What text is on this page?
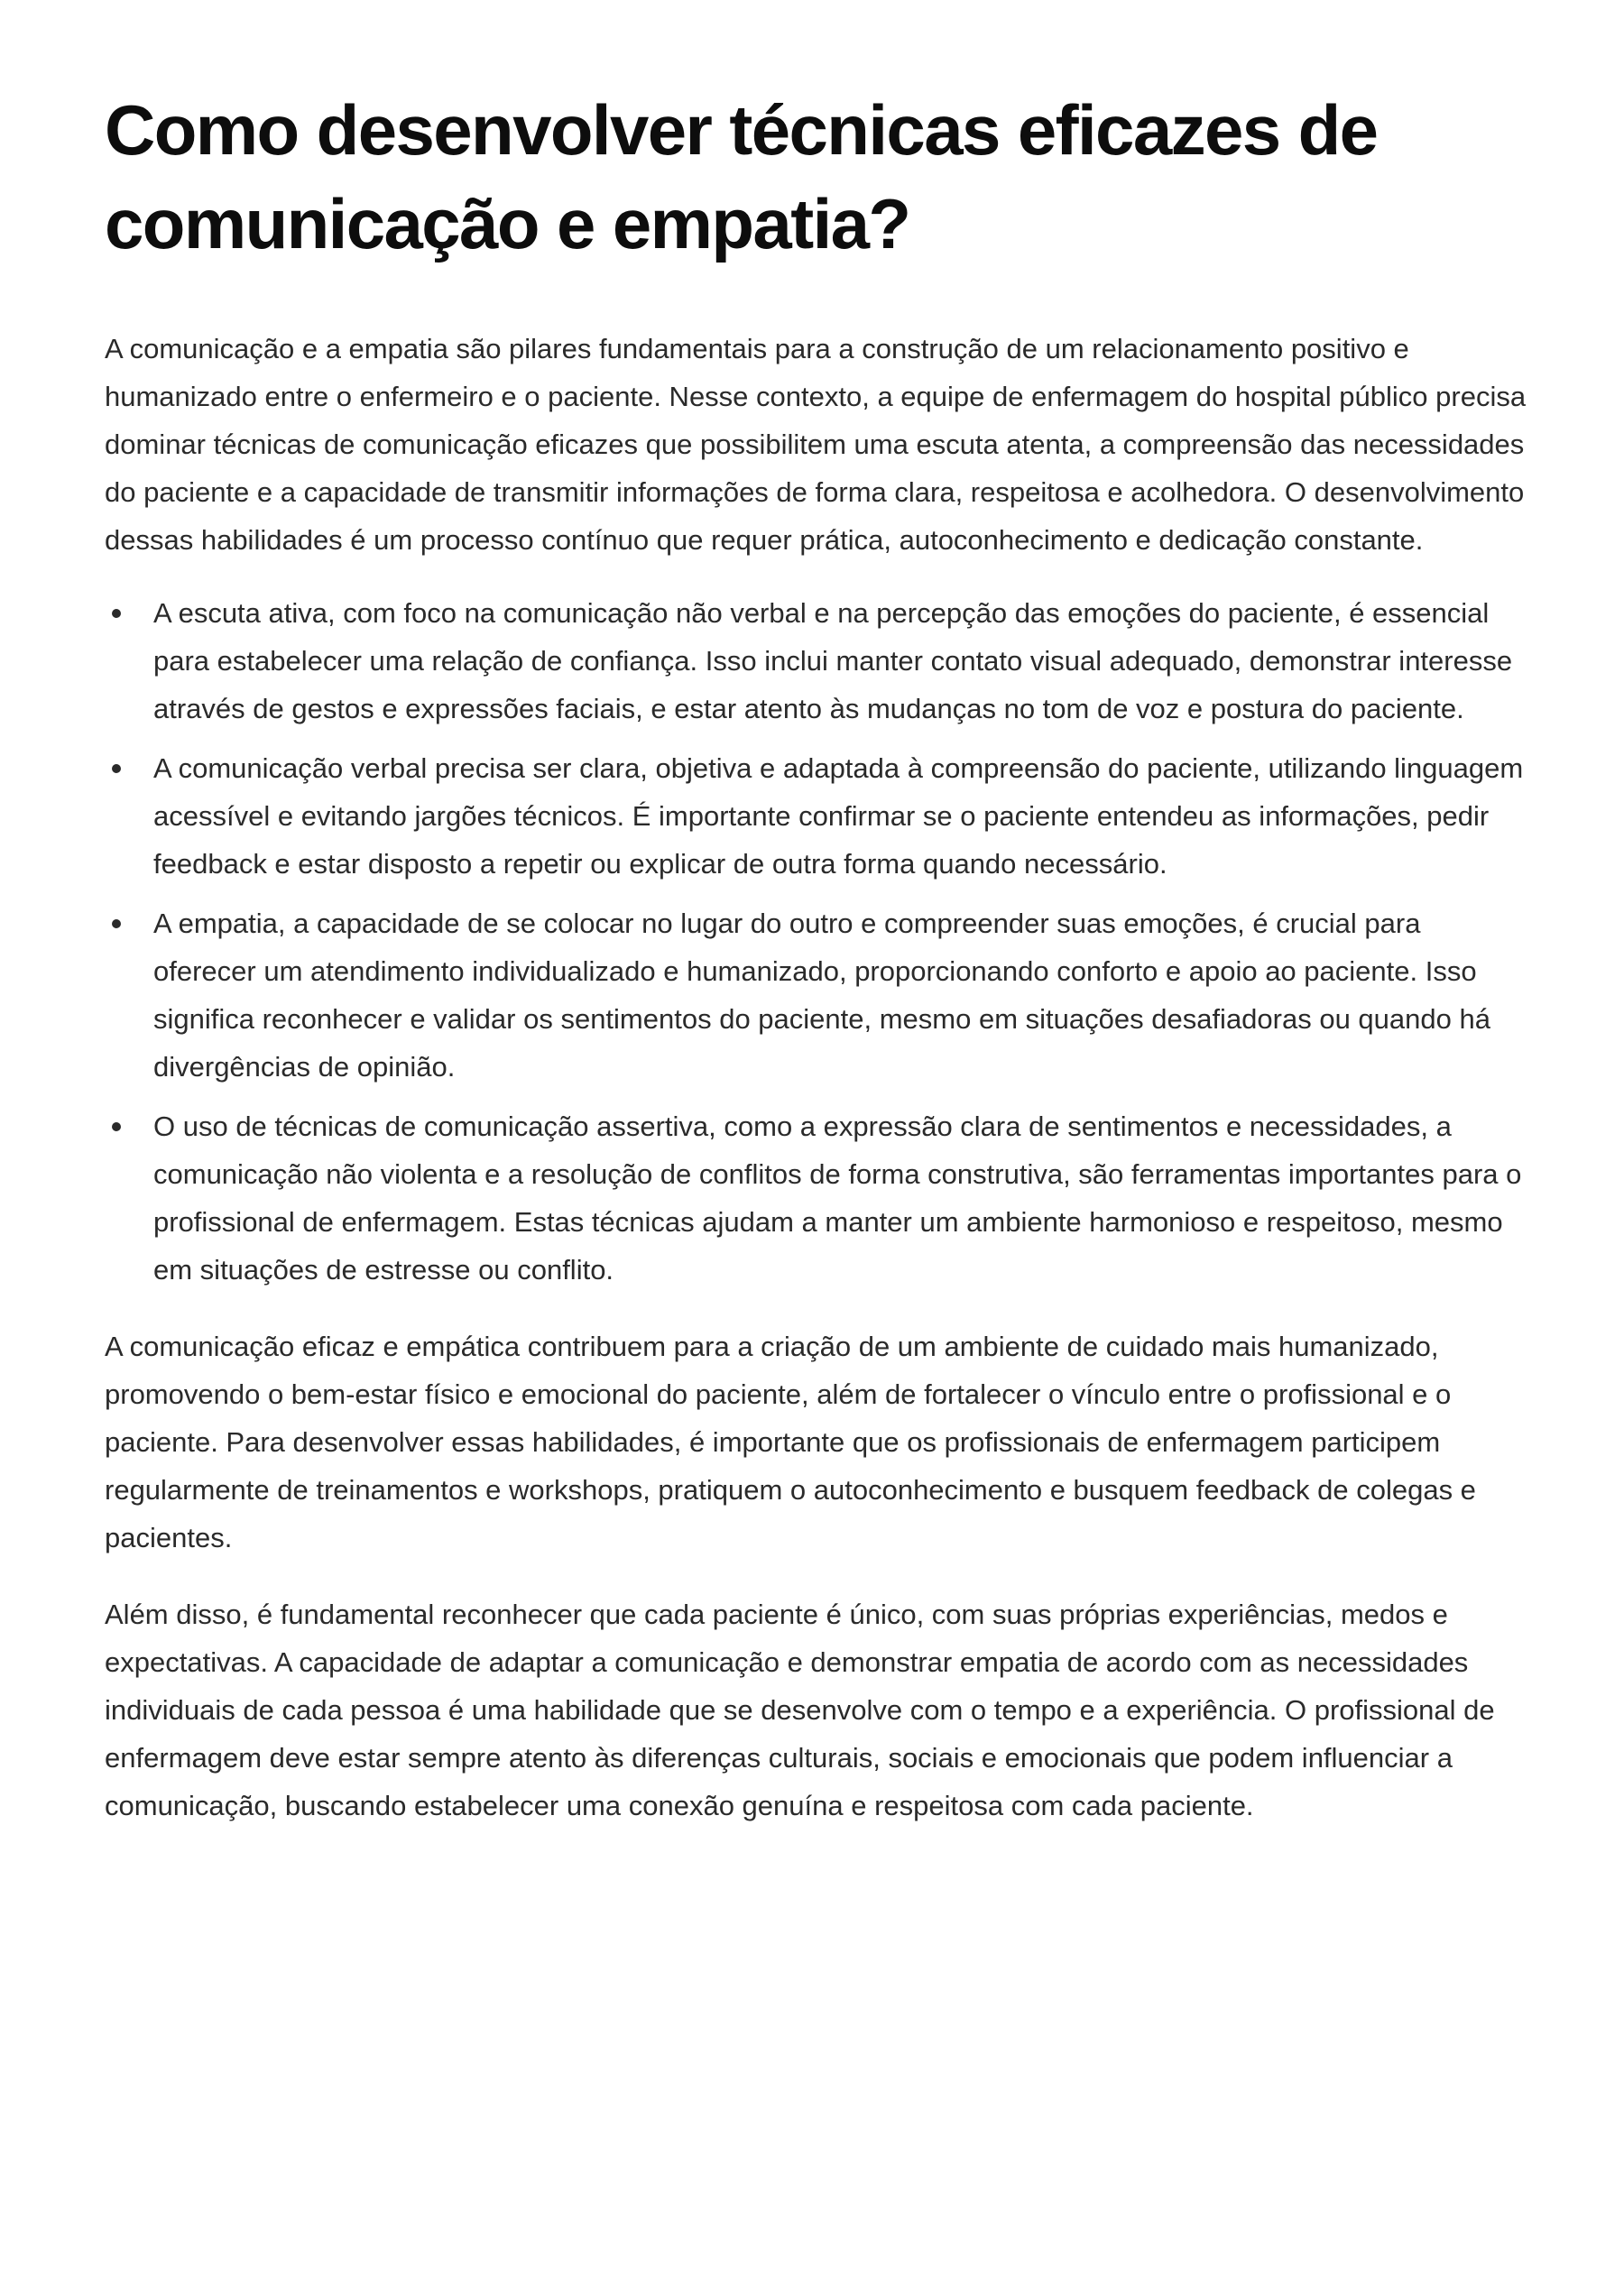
Como desenvolver técnicas eficazes de comunicação e empatia?

A comunicação e a empatia são pilares fundamentais para a construção de um relacionamento positivo e humanizado entre o enfermeiro e o paciente. Nesse contexto, a equipe de enfermagem do hospital público precisa dominar técnicas de comunicação eficazes que possibilitem uma escuta atenta, a compreensão das necessidades do paciente e a capacidade de transmitir informações de forma clara, respeitosa e acolhedora. O desenvolvimento dessas habilidades é um processo contínuo que requer prática, autoconhecimento e dedicação constante.

A escuta ativa, com foco na comunicação não verbal e na percepção das emoções do paciente, é essencial para estabelecer uma relação de confiança. Isso inclui manter contato visual adequado, demonstrar interesse através de gestos e expressões faciais, e estar atento às mudanças no tom de voz e postura do paciente.
A comunicação verbal precisa ser clara, objetiva e adaptada à compreensão do paciente, utilizando linguagem acessível e evitando jargões técnicos. É importante confirmar se o paciente entendeu as informações, pedir feedback e estar disposto a repetir ou explicar de outra forma quando necessário.
A empatia, a capacidade de se colocar no lugar do outro e compreender suas emoções, é crucial para oferecer um atendimento individualizado e humanizado, proporcionando conforto e apoio ao paciente. Isso significa reconhecer e validar os sentimentos do paciente, mesmo em situações desafiadoras ou quando há divergências de opinião.
O uso de técnicas de comunicação assertiva, como a expressão clara de sentimentos e necessidades, a comunicação não violenta e a resolução de conflitos de forma construtiva, são ferramentas importantes para o profissional de enfermagem. Estas técnicas ajudam a manter um ambiente harmonioso e respeitoso, mesmo em situações de estresse ou conflito.

A comunicação eficaz e empática contribuem para a criação de um ambiente de cuidado mais humanizado, promovendo o bem-estar físico e emocional do paciente, além de fortalecer o vínculo entre o profissional e o paciente. Para desenvolver essas habilidades, é importante que os profissionais de enfermagem participem regularmente de treinamentos e workshops, pratiquem o autoconhecimento e busquem feedback de colegas e pacientes.

Além disso, é fundamental reconhecer que cada paciente é único, com suas próprias experiências, medos e expectativas. A capacidade de adaptar a comunicação e demonstrar empatia de acordo com as necessidades individuais de cada pessoa é uma habilidade que se desenvolve com o tempo e a experiência. O profissional de enfermagem deve estar sempre atento às diferenças culturais, sociais e emocionais que podem influenciar a comunicação, buscando estabelecer uma conexão genuína e respeitosa com cada paciente.
